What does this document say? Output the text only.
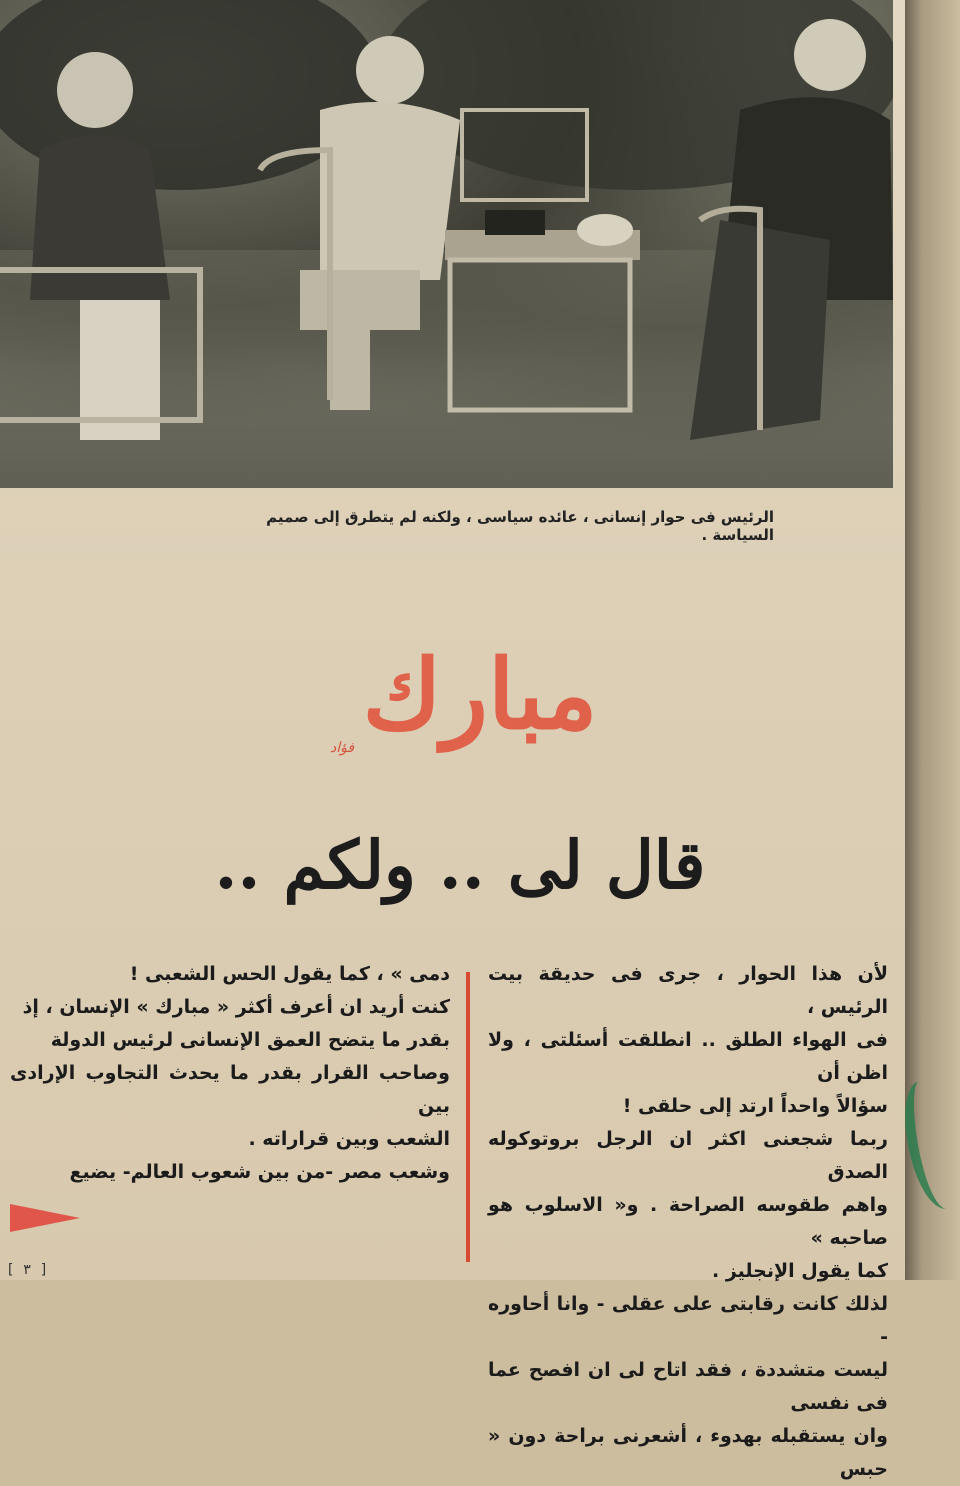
الرئيس فى حوار إنسانى ، عائده سياسى ، ولكنه لم يتطرق إلى صميم السياسة .
مبارك
فؤاد
قال لى .. ولكم ..

لأن هذا الحوار ، جرى فى حديقة بيت الرئيس ،

فى الهواء الطلق .. انطلقت أسئلتى ، ولا اظن أن

سؤالاً واحداً ارتد إلى حلقى !

ربما شجعنى اكثر ان الرجل بروتوكوله الصدق

واهم طقوسه الصراحة . و« الاسلوب هو صاحبه »

كما يقول الإنجليز .

لذلك كانت رقابتى على عقلى - وانا أحاوره -

ليست متشددة ، فقد اتاح لى ان افصح عما فى نفسى

وان يستقبله بهدوء ، أشعرنى براحة دون « حبس

دمى » ، كما يقول الحس الشعبى !

كنت أريد ان أعرف أكثر « مبارك » الإنسان ، إذ

بقدر ما يتضح العمق الإنسانى لرئيس الدولة

وصاحب القرار بقدر ما يحدث التجاوب الإرادى بين

الشعب وبين قراراته .

وشعب مصر -من بين شعوب العالم- يضيع

[ ٣ ]
